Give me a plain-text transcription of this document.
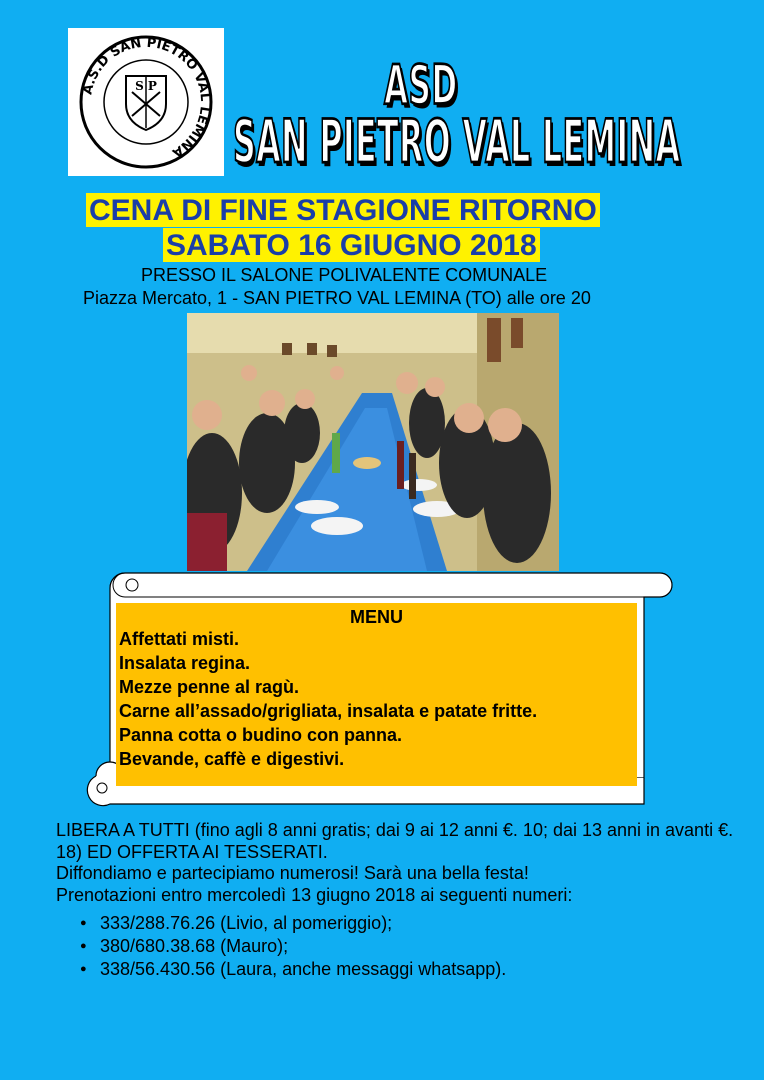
A.S.D SAN PIETRO VAL LEMINA
S P	ASD
SAN PIETRO VAL LEMINA
CENA DI FINE STAGIONE RITORNO
SABATO 16 GIUGNO 2018
PRESSO IL SALONE POLIVALENTE COMUNALE
Piazza Mercato, 1 - SAN PIETRO VAL LEMINA (TO) alle ore 20
MENU
Affettati misti.
Insalata regina.
Mezze penne al ragù.
Carne all’assado/grigliata, insalata e patate fritte.
Panna cotta o budino con panna.
Bevande, caffè e digestivi.

LIBERA A TUTTI (fino agli 8 anni gratis; dai 9 ai 12 anni €. 10; dai 13 anni in avanti €. 18) ED OFFERTA AI TESSERATI.

Diffondiamo e partecipiamo numerosi! Sarà una bella festa!

Prenotazioni entro mercoledì 13 giugno 2018 ai seguenti numeri:

● 333/288.76.26 (Livio, al pomeriggio);
● 380/680.38.68 (Mauro);
● 338/56.430.56 (Laura, anche messaggi whatsapp).
